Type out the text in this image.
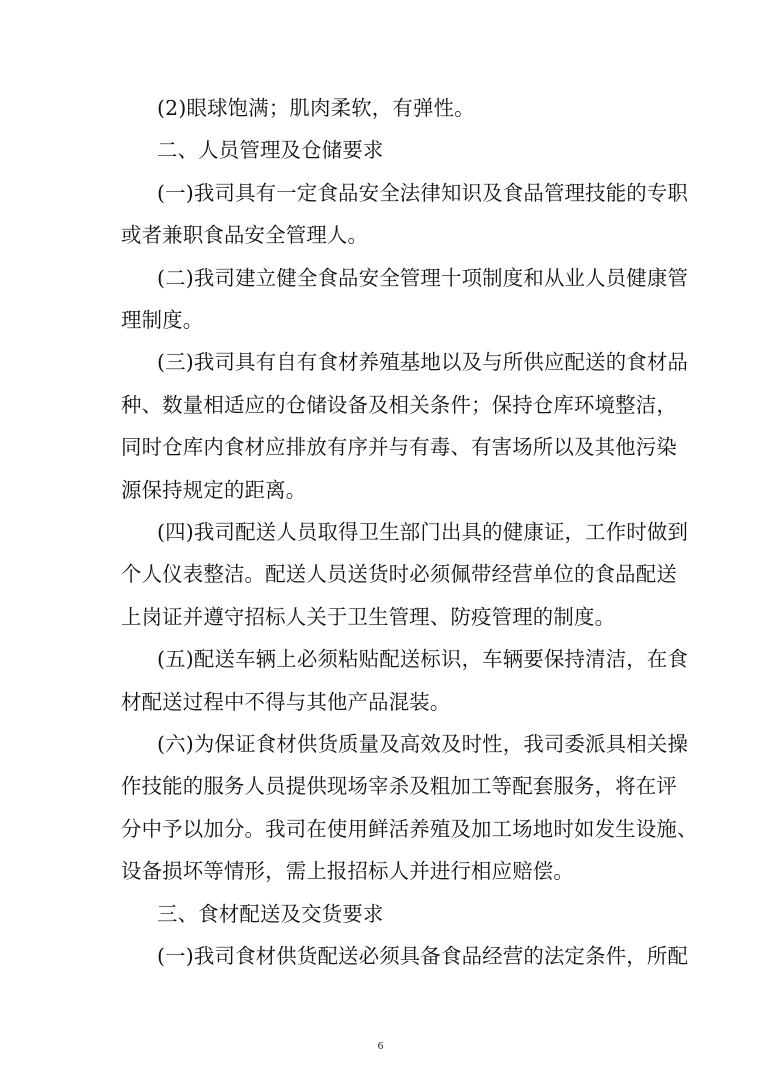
(2)眼球饱满；肌肉柔软，有弹性。
二、人员管理及仓储要求
(一)我司具有一定食品安全法律知识及食品管理技能的专职
或者兼职食品安全管理人。
(二)我司建立健全食品安全管理十项制度和从业人员健康管
理制度。
(三)我司具有自有食材养殖基地以及与所供应配送的食材品
种、数量相适应的仓储设备及相关条件；保持仓库环境整洁，
同时仓库内食材应排放有序并与有毒、有害场所以及其他污染
源保持规定的距离。
(四)我司配送人员取得卫生部门出具的健康证，工作时做到
个人仪表整洁。配送人员送货时必须佩带经营单位的食品配送
上岗证并遵守招标人关于卫生管理、防疫管理的制度。
(五)配送车辆上必须粘贴配送标识，车辆要保持清洁，在食
材配送过程中不得与其他产品混装。
(六)为保证食材供货质量及高效及时性，我司委派具相关操
作技能的服务人员提供现场宰杀及粗加工等配套服务，将在评
分中予以加分。我司在使用鲜活养殖及加工场地时如发生设施、
设备损坏等情形，需上报招标人并进行相应赔偿。
三、食材配送及交货要求
(一)我司食材供货配送必须具备食品经营的法定条件，所配
6
